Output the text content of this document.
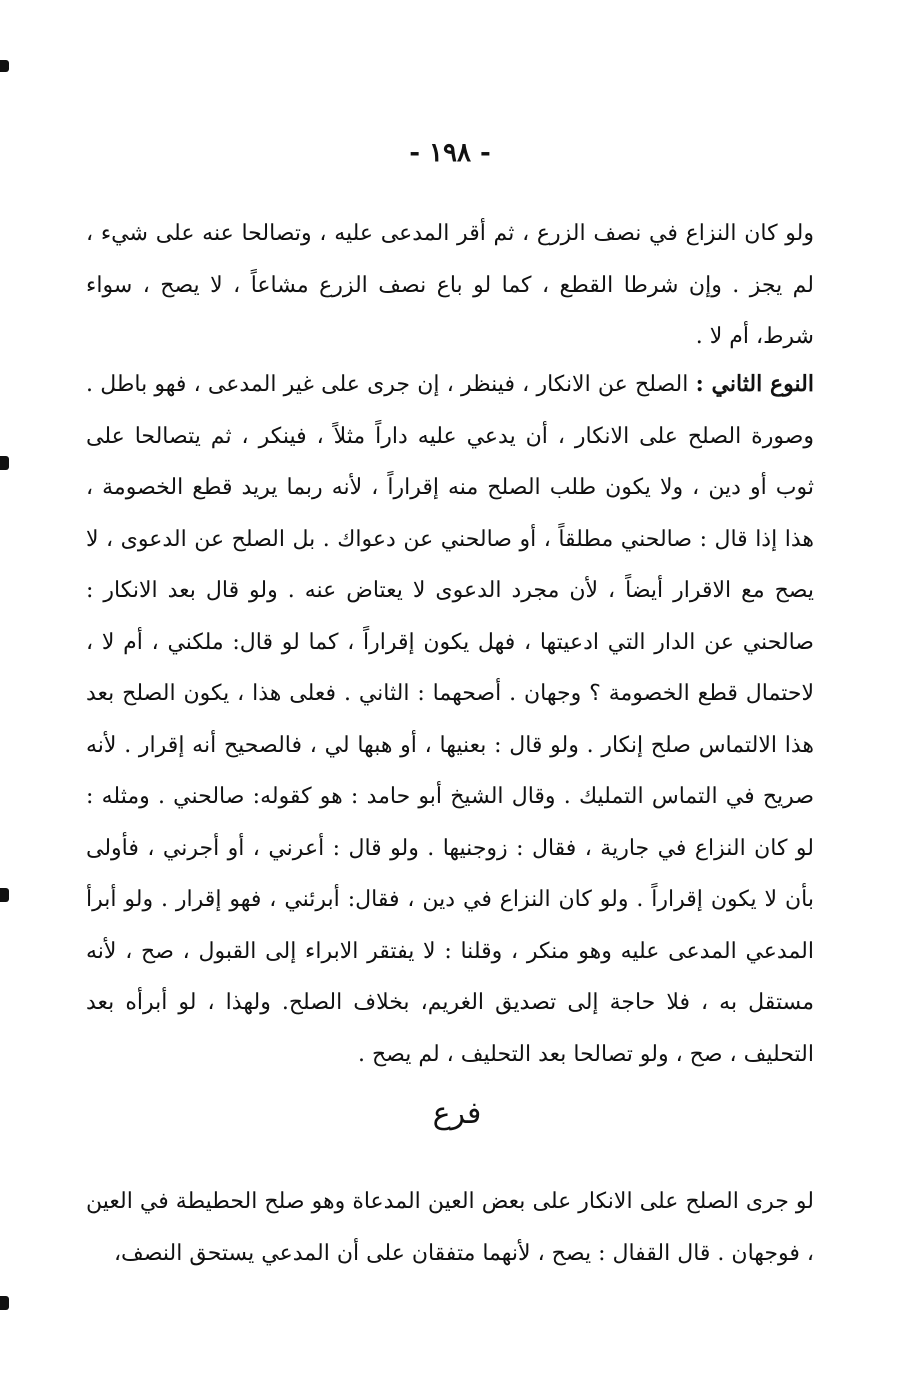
- ١٩٨ -

ولو كان النزاع في نصف الزرع ، ثم أقر المدعى عليه ، وتصالحا عنه على شيء ، لم يجز . وإن شرطا القطع ، كما لو باع نصف الزرع مشاعاً ، لا يصح ، سواء شرط، أم لا .

النوع الثاني : الصلح عن الانكار ، فينظر ، إن جرى على غير المدعى ، فهو باطل . وصورة الصلح على الانكار ، أن يدعي عليه داراً مثلاً ، فينكر ، ثم يتصالحا على ثوب أو دين ، ولا يكون طلب الصلح منه إقراراً ، لأنه ربما يريد قطع الخصومة ، هذا إذا قال : صالحني مطلقاً ، أو صالحني عن دعواك . بل الصلح عن الدعوى ، لا يصح مع الاقرار أيضاً ، لأن مجرد الدعوى لا يعتاض عنه . ولو قال بعد الانكار : صالحني عن الدار التي ادعيتها ، فهل يكون إقراراً ، كما لو قال: ملكني ، أم لا ، لاحتمال قطع الخصومة ؟ وجهان . أصحهما : الثاني . فعلى هذا ، يكون الصلح بعد هذا الالتماس صلح إنكار . ولو قال : بعنيها ، أو هبها لي ، فالصحيح أنه إقرار . لأنه صريح في التماس التمليك . وقال الشيخ أبو حامد : هو كقوله: صالحني . ومثله : لو كان النزاع في جارية ، فقال : زوجنيها . ولو قال : أعرني ، أو أجرني ، فأولى بأن لا يكون إقراراً . ولو كان النزاع في دين ، فقال: أبرئني ، فهو إقرار . ولو أبرأ المدعي المدعى عليه وهو منكر ، وقلنا : لا يفتقر الابراء إلى القبول ، صح ، لأنه مستقل به ، فلا حاجة إلى تصديق الغريم، بخلاف الصلح. ولهذا ، لو أبرأه بعد التحليف ، صح ، ولو تصالحا بعد التحليف ، لم يصح .

فرع

لو جرى الصلح على الانكار على بعض العين المدعاة وهو صلح الحطيطة في العين ، فوجهان . قال القفال : يصح ، لأنهما متفقان على أن المدعي يستحق النصف،
